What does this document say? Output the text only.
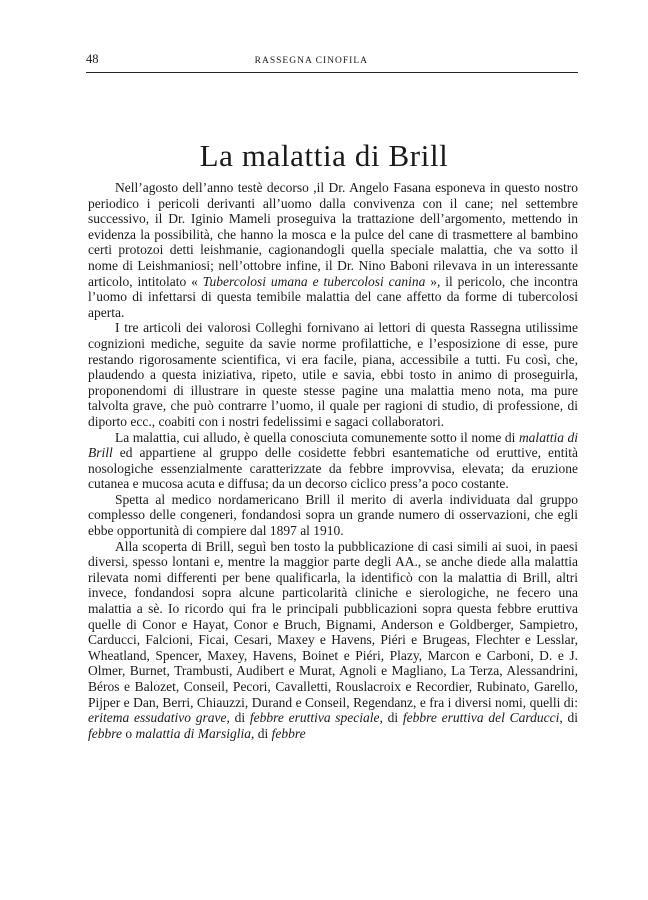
48	RASSEGNA CINOFILA
La malattia di Brill

Nell’agosto dell’anno testè decorso ,il Dr. Angelo Fasana esponeva in questo nostro periodico i pericoli derivanti all’uomo dalla convivenza con il cane; nel settembre successivo, il Dr. Iginio Mameli proseguiva la trattazione dell’argomento, mettendo in evidenza la possibilità, che hanno la mosca e la pulce del cane di trasmettere al bambino certi protozoi detti leishmanie, cagionandogli quella speciale malattia, che va sotto il nome di Leishmaniosi; nell’ottobre infine, il Dr. Nino Baboni rilevava in un interessante articolo, intitolato « Tubercolosi umana e tubercolosi canina », il pericolo, che incontra l’uomo di infettarsi di questa temibile malattia del cane affetto da forme di tubercolosi aperta.

I tre articoli dei valorosi Colleghi fornivano ai lettori di questa Rassegna utilissime cognizioni mediche, seguite da savie norme profilattiche, e l’esposizione di esse, pure restando rigorosamente scientifica, vi era facile, piana, accessibile a tutti. Fu così, che, plaudendo a questa iniziativa, ripeto, utile e savia, ebbi tosto in animo di proseguirla, proponendomi di illustrare in queste stesse pagine una malattia meno nota, ma pure talvolta grave, che può contrarre l’uomo, il quale per ragioni di studio, di professione, di diporto ecc., coabiti con i nostri fedelissimi e sagaci collaboratori.

La malattia, cui alludo, è quella conosciuta comunemente sotto il nome di malattia di Brill ed appartiene al gruppo delle cosidette febbri esantematiche od eruttive, entità nosologiche essenzialmente caratterizzate da febbre improvvisa, elevata; da eruzione cutanea e mucosa acuta e diffusa; da un decorso ciclico press’a poco costante.

Spetta al medico nordamericano Brill il merito di averla individuata dal gruppo complesso delle congeneri, fondandosi sopra un grande numero di osservazioni, che egli ebbe opportunità di compiere dal 1897 al 1910.

Alla scoperta di Brill, seguì ben tosto la pubblicazione di casi simili ai suoi, in paesi diversi, spesso lontani e, mentre la maggior parte degli AA., se anche diede alla malattia rilevata nomi differenti per bene qualificarla, la identificò con la malattia di Brill, altri invece, fondandosi sopra alcune particolarità cliniche e sierologiche, ne fecero una malattia a sè. Io ricordo qui fra le principali pubblicazioni sopra questa febbre eruttiva quelle di Conor e Hayat, Conor e Bruch, Bignami, Anderson e Goldberger, Sampietro, Carducci, Falcioni, Ficai, Cesari, Maxey e Havens, Piéri e Brugeas, Flechter e Lesslar, Wheatland, Spencer, Maxey, Havens, Boinet e Piéri, Plazy, Marcon e Carboni, D. e J. Olmer, Burnet, Trambusti, Audibert e Murat, Agnoli e Magliano, La Terza, Alessandrini, Béros e Balozet, Conseil, Pecori, Cavalletti, Rouslacroix e Recordier, Rubinato, Garello, Pijper e Dan, Berri, Chiauzzi, Durand e Conseil, Regendanz, e fra i diversi nomi, quelli di: eritema essudativo grave, di febbre eruttiva speciale, di febbre eruttiva del Carducci, di febbre o malattia di Marsiglia, di febbre
